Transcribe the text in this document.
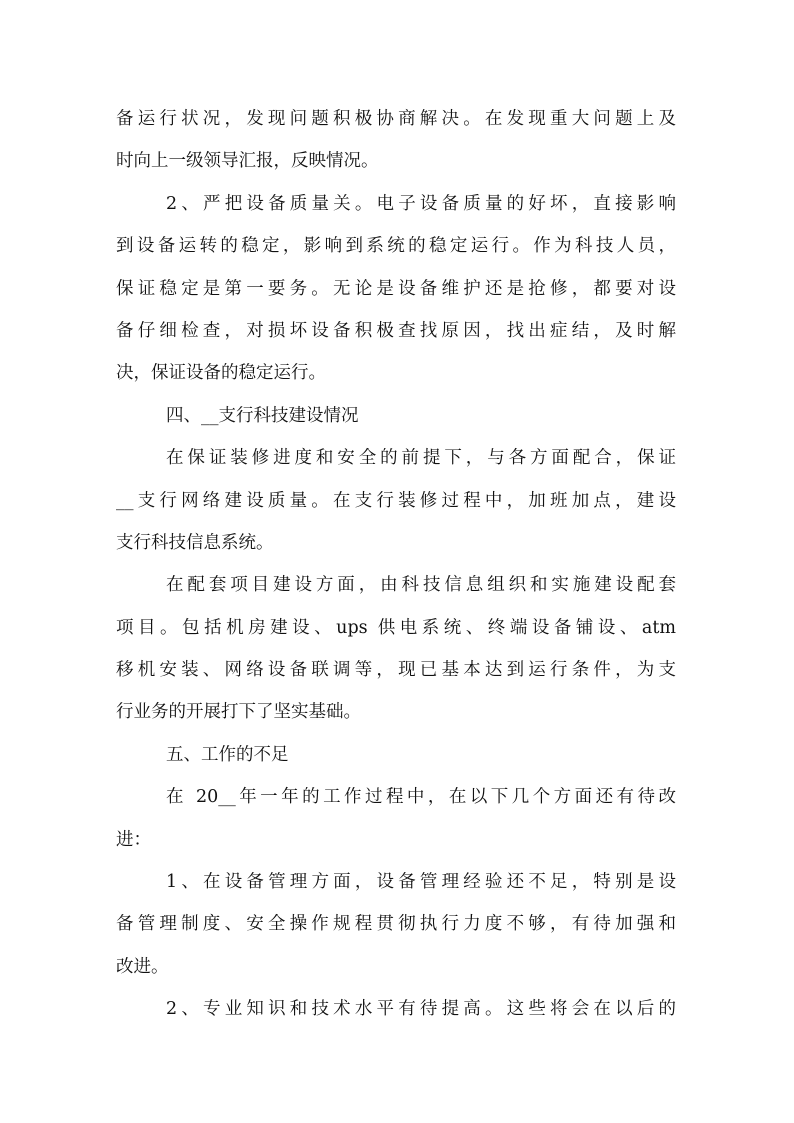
备运行状况，发现问题积极协商解决。在发现重大问题上及
时向上一级领导汇报，反映情况。
2、严把设备质量关。电子设备质量的好坏，直接影响
到设备运转的稳定，影响到系统的稳定运行。作为科技人员，
保证稳定是第一要务。无论是设备维护还是抢修，都要对设
备仔细检查，对损坏设备积极查找原因，找出症结，及时解
决，保证设备的稳定运行。
四、__支行科技建设情况
在保证装修进度和安全的前提下，与各方面配合，保证
__支行网络建设质量。在支行装修过程中，加班加点，建设
支行科技信息系统。
在配套项目建设方面，由科技信息组织和实施建设配套
项目。包括机房建设、ups 供电系统、终端设备铺设、atm
移机安装、网络设备联调等，现已基本达到运行条件，为支
行业务的开展打下了坚实基础。
五、工作的不足
在 20__年一年的工作过程中，在以下几个方面还有待改
进：
1、在设备管理方面，设备管理经验还不足，特别是设
备管理制度、安全操作规程贯彻执行力度不够，有待加强和
改进。
2、专业知识和技术水平有待提高。这些将会在以后的
